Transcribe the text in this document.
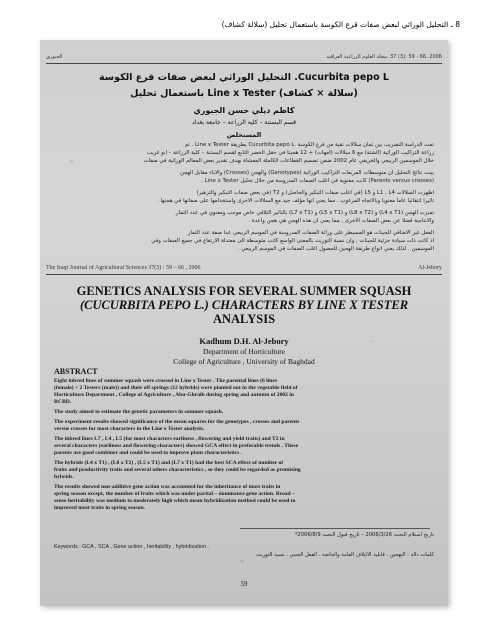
8 ـ التحليل الوراثي لبعض صفات قرع الكوسة باستعمال تحليل (سلالة كشاف)
2006 ،66 - 59 :(3) 37 ،مجلة العلوم الزراعية العراقية
الجبوري
Cucurbita pepo L. التحليل الوراثي لبعض صفات قرع الكوسة
(سلالة × كشاف) Line x Tester باستعمال تحليل
كاظم ديلي حسن الجبوري
قسم البستنة – كلية الزراعة – جامعة بغداد
المستخلص
تمت الدراسة التضريب بين ثمان سلالات نقية من قرع الكوسة .Cucurbita pepo L بطريقة Line x Tester . تم
زراعة التراكيب الوراثية (الشتة) مع 6 سلالات (أمهات) + 12 هجيناً في حقل الخضر التابع لقسم البستنة – كلية الزراعة – أبو غريب
خلال الموسمين الربيعي والخريفي عام 2002 ضمن تصميم القطاعات الكاملة المعشاة بهدف تقدير بعض المعالم الوراثية في صفات
بينت نتائج التحليل ان متوسطات المربعات التراكيب الوراثية (Genotypes) والهجن (Crosses) والآباء مقابل الهجن
(Parents versus crosses) كانت معنوية في اغلب الصفات المدروسة من خلال تحليل Line x Tester .
أظهرت السلالات L1 , L4 و L5 (في أغلب صفات التبكير والحاصل) و T2 (في بعض صفات التبكير والتزهير)
تأثيراً انتقائياً عاماً معنوياً وبالاتجاه المرغوب . مما يعني انها مؤلف جيد مع السلالات الأخرى واستخدامها على صفاتها في هجنها .
تميزت الهجن (L4 x T1) و (L8 x T2) و (L5 x T1) و (L7 x T1) بالتأثير التلافي خاص موجب ومعنوي في عدد الثمار
والانتاجية فضلاً عن بعض الصفات الأخرى , مما يعني ان هذه الهجن هي هجن واعدة .
الفعل غير الاضافي للجينات هو المسيطر على وراثة الصفات المدروسة في الموسم الربيعي عدا صفة عدد الثمار
اذ كانت ذات سيادة جزئية للجينات , وان نسبة التوريث بالمعنى الواسع كانت متوسطة الى معتدلة الارتفاع في جميع الصفات وفي
الموسمين . لذلك يعني انواع طريقة الهجين للحصول اغلب الصفات في الموسم الربيعي .
The Iraqi Journal of Agricultural Sciences 37(3) : 59 – 66 , 2006	Al-Jebory
GENETICS ANALYSIS FOR SEVERAL SUMMER SQUASH
(CUCURBITA PEPO L.) CHARACTERS BY LINE X TESTER
ANALYSIS
Kadhum D.H. Al-Jebory
Department of Horticulture
College of Agriculture , University of Baghdad
ABSTRACT
Eight inbred lines of summer squash were crossed in Line x Tester . The parental lines (6 lines
(female) + 2 Testers (male)) and their off springs (12 hybrids) were planted out in the vegetable field of
Horticulture Department , College of Agriculture , Abu-Ghraib during spring and autumn of 2002 in
RCBD.
The study aimed to estimate the genetic parameters in summer squash.
The experiment results showed significance of the mean squares for the genotypes , crosses and parents
versus crosses for most characters in the Line x Tester analysis.
The inbred lines L7 , L4 , L5 (for most characters earliness , flowering and yield traits) and T2 in
several characters (earliness and flowering characters) showed GCA effect in preferable trends . These
parents are good combiner and could be used to improve plant characteristics .
The hybrids (L4 x T1) , (L8 x T2) , (L5 x T1) and (L7 x T1) had the best SCA effect of number of
fruits and productivity traits and several others characteristics , so they could be regarded as promising
hybrids.
The results showed non-additive gene action was accounted for the inheritance of most traits in
spring season except, the number of fruits which was under partial – dominance gene action. Broad –
sense heritability was medium to moderately high which mean hybridization method could be used to
improved most traits in spring season.
تاريخ استلام البحث 2006/3/26 – تاريخ قبول البحث 2006/8/9*
Keywords : GCA , SCA , Gene action , heritability , hybridization .
كلمات دالة : التهجين ، قابلية الائتلاف العامة والخاصة ، الفعل الجيني ، نسبة التوريث
59
